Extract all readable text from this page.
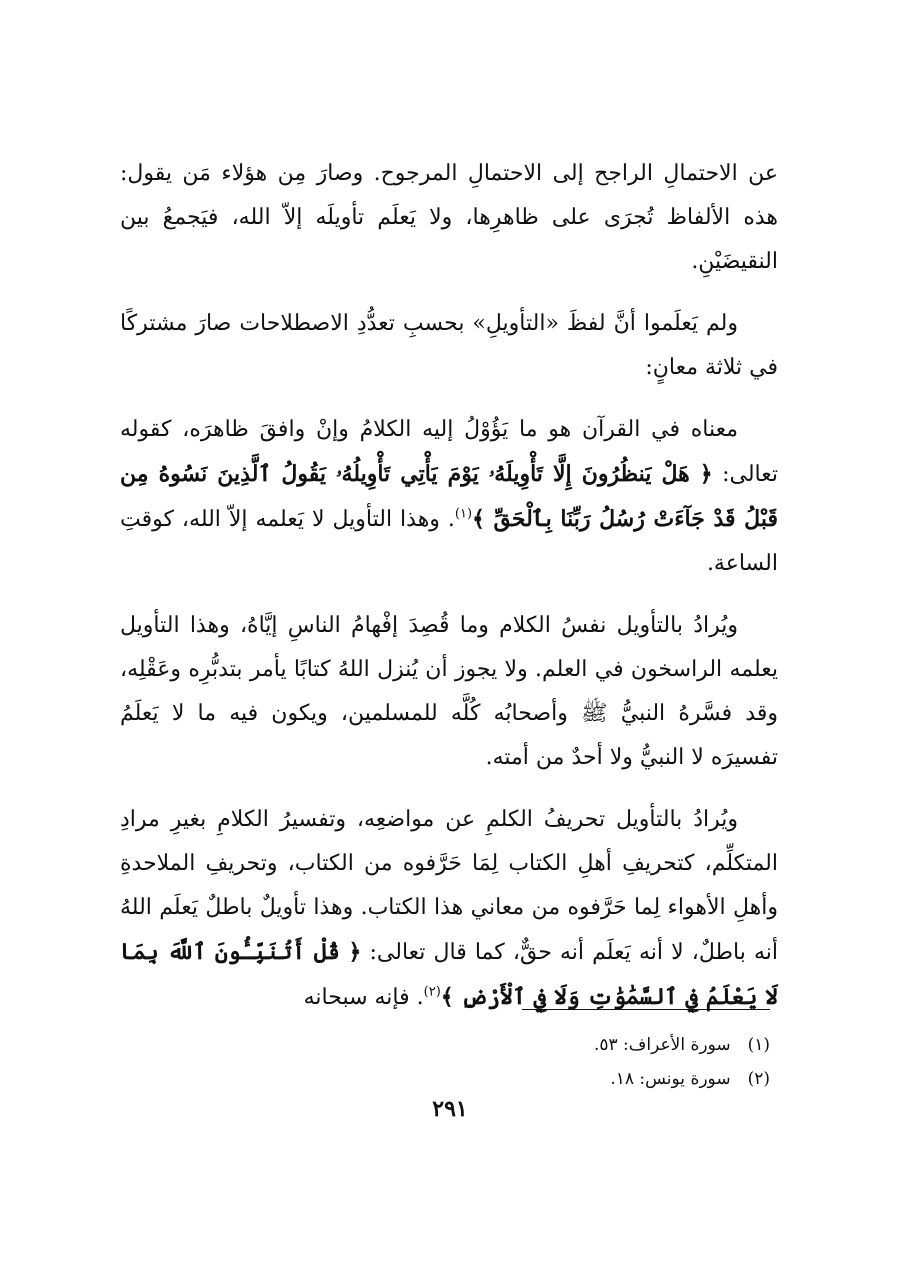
عن الاحتمالِ الراجح إلى الاحتمالِ المرجوح. وصارَ مِن هؤلاء مَن يقول: هذه الألفاظ تُجرَى على ظاهرِها، ولا يَعلَم تأويلَه إلاّ الله، فيَجمعُ بين النقيضَيْنِ.

ولم يَعلَموا أنَّ لفظَ «التأويلِ» بحسبِ تعدُّدِ الاصطلاحات صارَ مشتركًا في ثلاثة معانٍ:

معناه في القرآن هو ما يَؤُوْلُ إليه الكلامُ وإنْ وافقَ ظاهرَه، كقوله تعالى: ﴿ هَلْ يَنظُرُونَ إِلَّا تَأْوِيلَهُۥ يَوْمَ يَأْتِي تَأْوِيلُهُۥ يَقُولُ ٱلَّذِينَ نَسُوهُ مِن قَبْلُ قَدْ جَآءَتْ رُسُلُ رَبِّنَا بِٱلْحَقِّ ﴾$^{(١)}$. وهذا التأويل لا يَعلمه إلاّ الله، كوقتِ الساعة.

ويُرادُ بالتأويل نفسُ الكلام وما قُصِدَ إفْهامُ الناسِ إيَّاهُ، وهذا التأويل يعلمه الراسخون في العلم. ولا يجوز أن يُنزل اللهُ كتابًا يأمر بتدبُّرِه وعَقْلِه، وقد فسَّرهُ النبيُّ ﷺ وأصحابُه كُلَّه للمسلمين، ويكون فيه ما لا يَعلَمُ تفسيرَه لا النبيُّ ولا أحدٌ من أمته.

ويُرادُ بالتأويل تحريفُ الكلمِ عن مواضعِه، وتفسيرُ الكلامِ بغيرِ مرادِ المتكلِّم، كتحريفِ أهلِ الكتاب لِمَا حَرَّفوه من الكتاب، وتحريفِ الملاحدةِ وأهلِ الأهواء لِما حَرَّفوه من معاني هذا الكتاب. وهذا تأويلٌ باطلٌ يَعلَم اللهُ أنه باطلٌ، لا أنه يَعلَم أنه حقٌّ، كما قال تعالى: ﴿ قُلْ أَتُنَبِّـُٔونَ ٱللَّهَ بِمَا لَا يَعْلَمُ فِي ٱلسَّمَٰوَٰتِ وَلَا فِي ٱلْأَرْضِ ﴾$^{(٢)}$. فإنه سبحانه

(١) سورة الأعراف: ٥٣.
(٢) سورة يونس: ١٨.
٢٩١
